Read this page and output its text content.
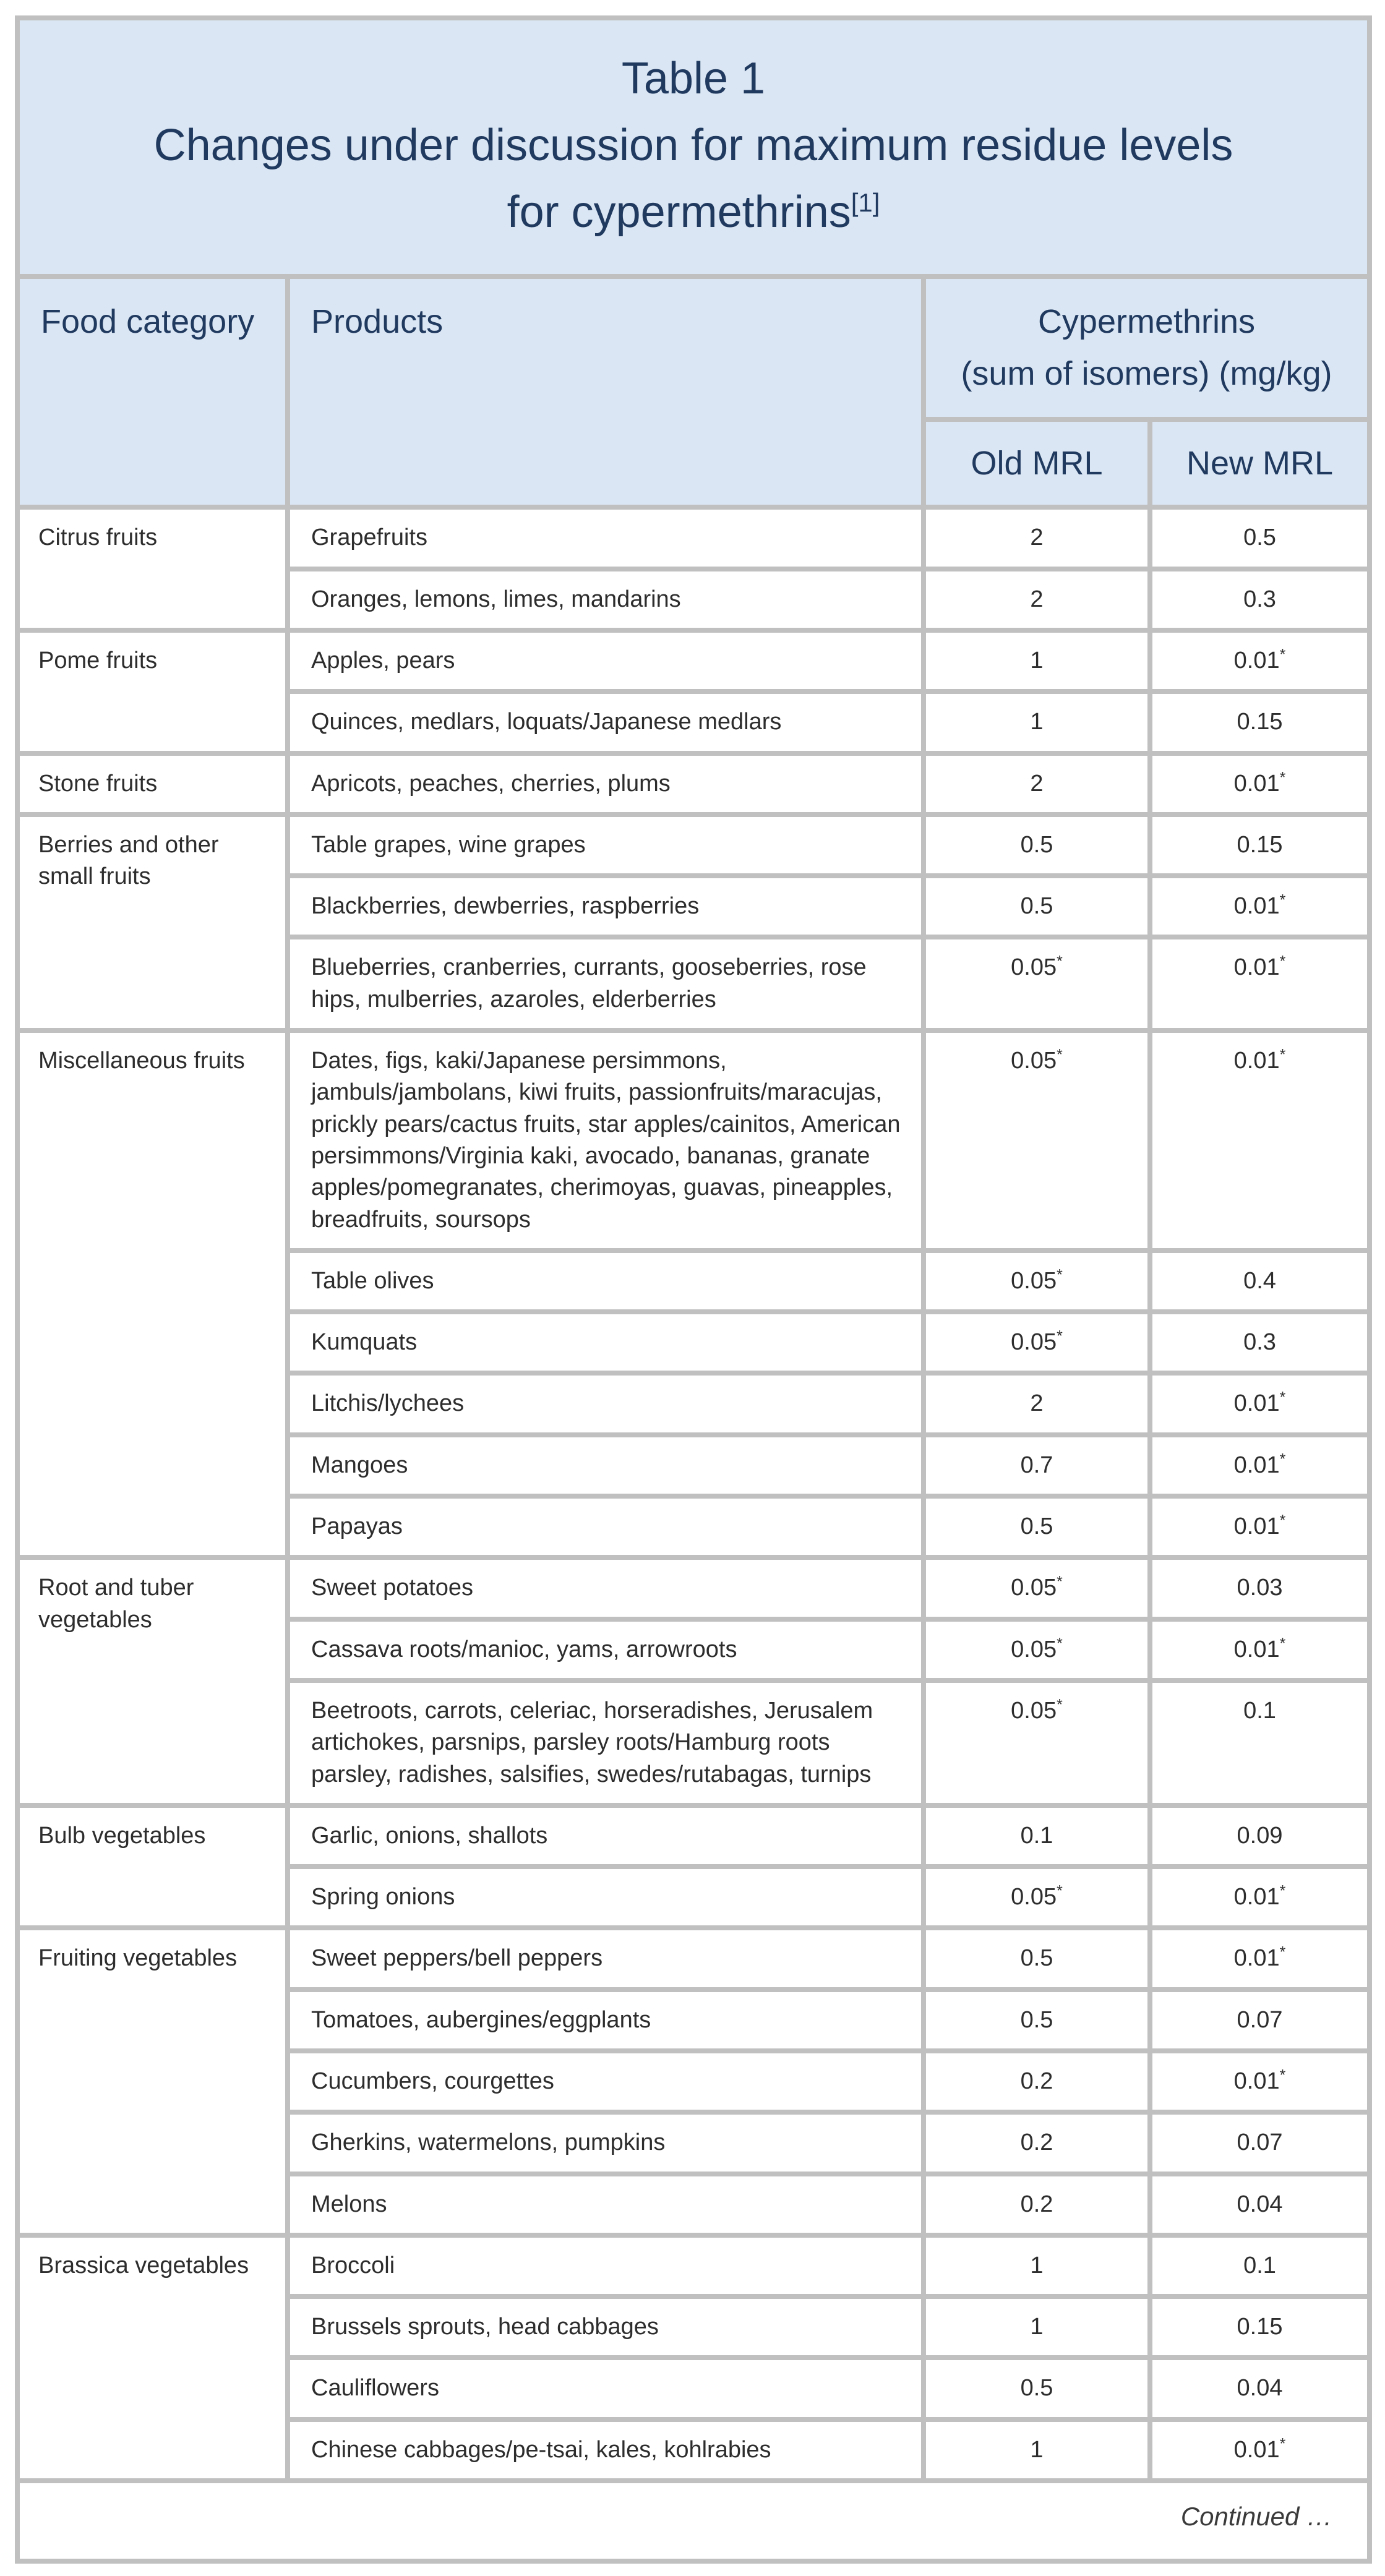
Table 1
Changes under discussion for maximum residue levels
for cypermethrins[1]

Food category	Products	Cypermethrins
(sum of isomers) (mg/kg)	

		Old MRL	New MRL
Citrus fruits	Grapefruits	2	0.5
	Oranges, lemons, limes, mandarins	2	0.3
Pome fruits	Apples, pears	1	0.01*
	Quinces, medlars, loquats/Japanese medlars	1	0.15
Stone fruits	Apricots, peaches, cherries, plums	2	0.01*
Berries and other small fruits	Table grapes, wine grapes	0.5	0.15
	Blackberries, dewberries, raspberries	0.5	0.01*
	Blueberries, cranberries, currants, gooseberries, rose hips, mulberries, azaroles, elderberries	0.05*	0.01*
Miscellaneous fruits	Dates, figs, kaki/Japanese persimmons, jambuls/jambolans, kiwi fruits, passionfruits/maracujas, prickly pears/cactus fruits, star apples/cainitos, American persimmons/Virginia kaki, avocado, bananas, granate apples/pomegranates, cherimoyas, guavas, pineapples, breadfruits, soursops	0.05*	0.01*
	Table olives	0.05*	0.4
	Kumquats	0.05*	0.3
	Litchis/lychees	2	0.01*
	Mangoes	0.7	0.01*
	Papayas	0.5	0.01*
Root and tuber vegetables	Sweet potatoes	0.05*	0.03
	Cassava roots/manioc, yams, arrowroots	0.05*	0.01*
	Beetroots, carrots, celeriac, horseradishes, Jerusalem artichokes, parsnips, parsley roots/Hamburg roots parsley, radishes, salsifies, swedes/rutabagas, turnips	0.05*	0.1
Bulb vegetables	Garlic, onions, shallots	0.1	0.09
	Spring onions	0.05*	0.01*
Fruiting vegetables	Sweet peppers/bell peppers	0.5	0.01*
	Tomatoes, aubergines/eggplants	0.5	0.07
	Cucumbers, courgettes	0.2	0.01*
	Gherkins, watermelons, pumpkins	0.2	0.07
	Melons	0.2	0.04
Brassica vegetables	Broccoli	1	0.1
	Brussels sprouts, head cabbages	1	0.15
	Cauliflowers	0.5	0.04
	Chinese cabbages/pe-tsai, kales, kohlrabies	1	0.01*
Continued …			
